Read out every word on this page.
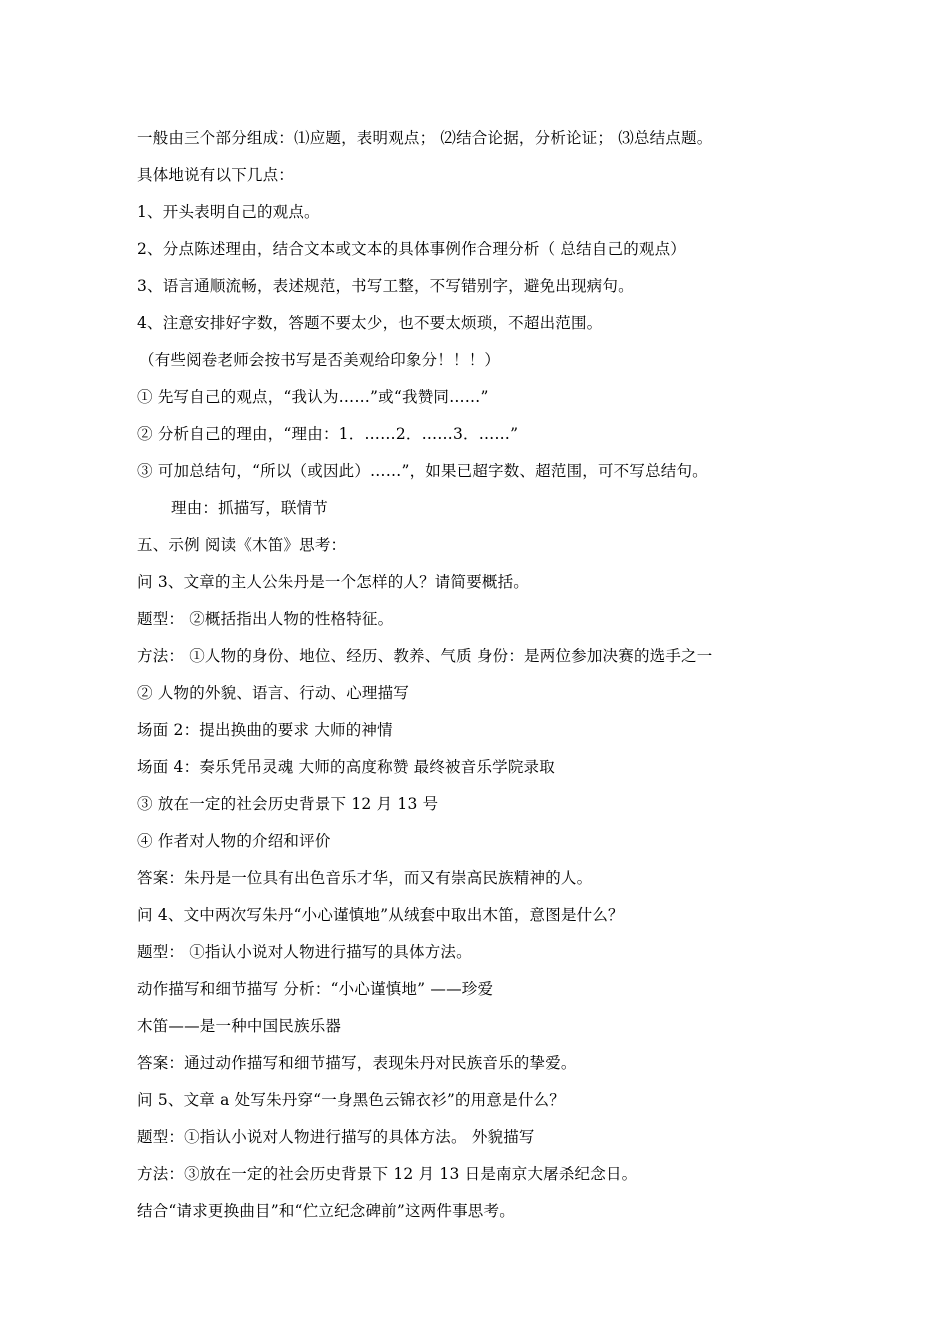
一般由三个部分组成：⑴应题，表明观点； ⑵结合论据，分析论证； ⑶总结点题。
具体地说有以下几点：
1、开头表明自己的观点。
2、分点陈述理由，结合文本或文本的具体事例作合理分析（ 总结自己的观点）
3、语言通顺流畅，表述规范，书写工整，不写错别字，避免出现病句。
4、注意安排好字数，答题不要太少，也不要太烦琐，不超出范围。
（有些阅卷老师会按书写是否美观给印象分！！！）
① 先写自己的观点，“我认为……”或“我赞同……”
② 分析自己的理由，“理由：1．……2．……3．……”
③ 可加总结句，“所以（或因此）……”，如果已超字数、超范围，可不写总结句。
理由：抓描写，联情节
五、示例 阅读《木笛》思考：
问 3、文章的主人公朱丹是一个怎样的人？请简要概括。
题型： ②概括指出人物的性格特征。
方法： ①人物的身份、地位、经历、教养、气质 身份：是两位参加决赛的选手之一
② 人物的外貌、语言、行动、心理描写
场面 2：提出换曲的要求 大师的神情
场面 4：奏乐凭吊灵魂 大师的高度称赞 最终被音乐学院录取
③ 放在一定的社会历史背景下 12 月 13 号
④ 作者对人物的介绍和评价
答案：朱丹是一位具有出色音乐才华，而又有崇高民族精神的人。
问 4、文中两次写朱丹“小心谨慎地”从绒套中取出木笛，意图是什么？
题型： ①指认小说对人物进行描写的具体方法。
动作描写和细节描写 分析：“小心谨慎地” ——珍爱
木笛——是一种中国民族乐器
答案：通过动作描写和细节描写，表现朱丹对民族音乐的挚爱。
问 5、文章 a 处写朱丹穿“一身黑色云锦衣衫”的用意是什么？
题型：①指认小说对人物进行描写的具体方法。 外貌描写
方法：③放在一定的社会历史背景下 12 月 13 日是南京大屠杀纪念日。
结合“请求更换曲目”和“伫立纪念碑前”这两件事思考。
